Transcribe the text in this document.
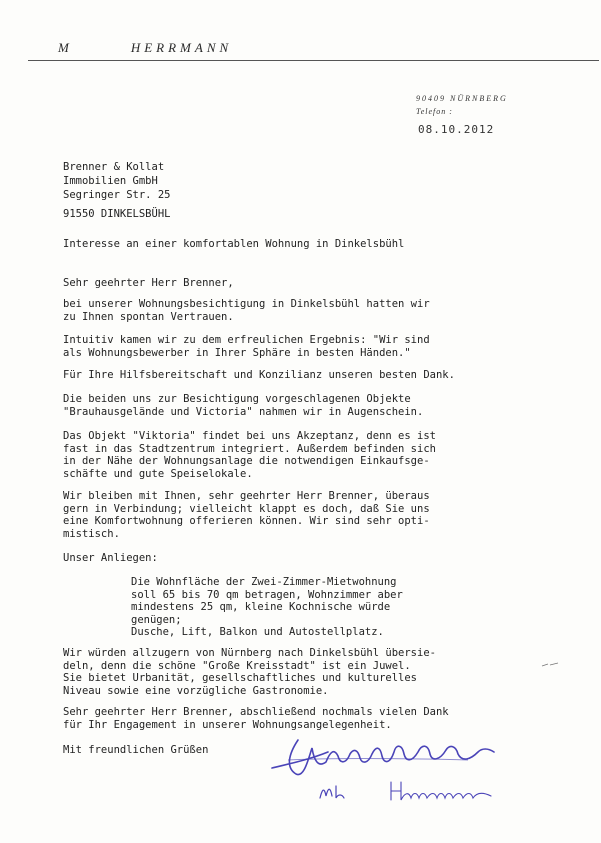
M	HERRMANN
90409 NÜRNBERG
Telefon :
08.10.2012
Brenner & Kollat
Immobilien GmbH
Segringer Str. 25
91550 DINKELSBÜHL
Interesse an einer komfortablen Wohnung in Dinkelsbühl
Sehr geehrter Herr Brenner,
bei unserer Wohnungsbesichtigung in Dinkelsbühl hatten wir
zu Ihnen spontan Vertrauen.
Intuitiv kamen wir zu dem erfreulichen Ergebnis: "Wir sind
als Wohnungsbewerber in Ihrer Sphäre in besten Händen."
Für Ihre Hilfsbereitschaft und Konzilianz unseren besten Dank.
Die beiden uns zur Besichtigung vorgeschlagenen Objekte
"Brauhausgelände und Victoria" nahmen wir in Augenschein.
Das Objekt "Viktoria" findet bei uns Akzeptanz, denn es ist
fast in das Stadtzentrum integriert. Außerdem befinden sich
in der Nähe der Wohnungsanlage die notwendigen Einkaufsge-
schäfte und gute Speiselokale.
Wir bleiben mit Ihnen, sehr geehrter Herr Brenner, überaus
gern in Verbindung; vielleicht klappt es doch, daß Sie uns
eine Komfortwohnung offerieren können. Wir sind sehr opti-
mistisch.
Unser Anliegen:
Die Wohnfläche der Zwei-Zimmer-Mietwohnung
soll 65 bis 70 qm betragen, Wohnzimmer aber
mindestens 25 qm, kleine Kochnische würde
genügen;
Dusche, Lift, Balkon und Autostellplatz.
Wir würden allzugern von Nürnberg nach Dinkelsbühl übersie-
deln, denn die schöne "Große Kreisstadt" ist ein Juwel.
Sie bietet Urbanität, gesellschaftliches und kulturelles
Niveau sowie eine vorzügliche Gastronomie.
Sehr geehrter Herr Brenner, abschließend nochmals vielen Dank
für Ihr Engagement in unserer Wohnungsangelegenheit.
Mit freundlichen Grüßen
